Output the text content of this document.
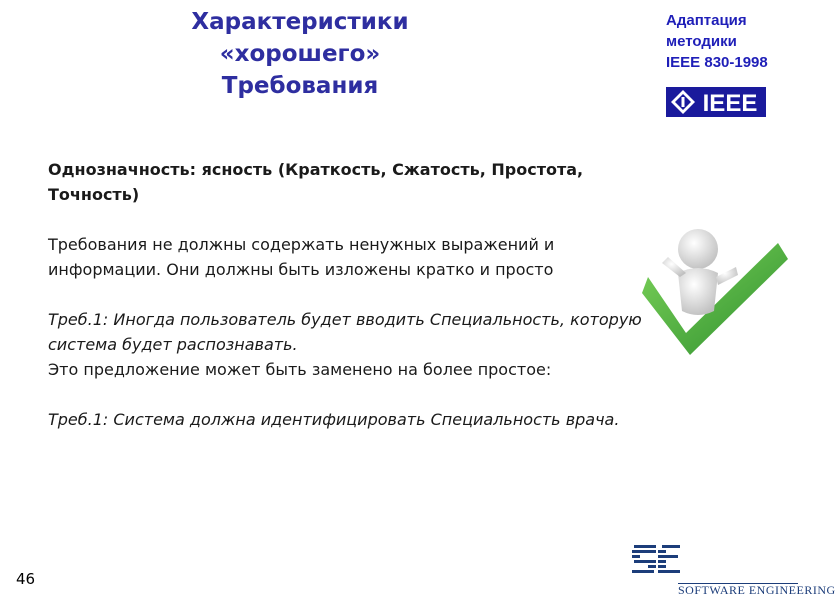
Характеристики «хорошего»
Требования
Адаптация
методики
IEEE 830-1998
IEEE

Однозначность: ясность (Краткость, Сжатость, Простота, Точность)

Требования не должны содержать ненужных выражений и информации. Они должны быть изложены кратко и просто

Треб.1: Иногда пользователь будет вводить Специальность, которую система будет распознавать.

Это предложение может быть заменено на более простое:

Треб.1: Система должна идентифицировать Специальность врача.

46
SOFTWARE ENGINEERING
